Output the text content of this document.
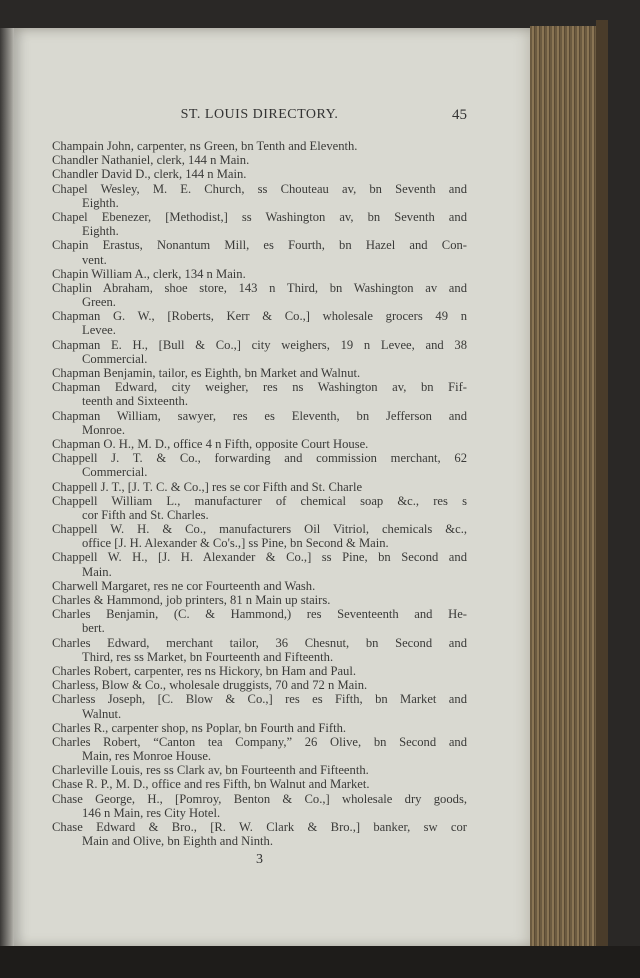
ST. LOUIS DIRECTORY.	45
Champain John, carpenter, ns Green, bn Tenth and Eleventh.
Chandler Nathaniel, clerk, 144 n Main.
Chandler David D., clerk, 144 n Main.
Chapel Wesley, M. E. Church, ss Chouteau av, bn Seventh and
Eighth.
Chapel Ebenezer, [Methodist,] ss Washington av, bn Seventh and
Eighth.
Chapin Erastus, Nonantum Mill, es Fourth, bn Hazel and Con-
vent.
Chapin William A., clerk, 134 n Main.
Chaplin Abraham, shoe store, 143 n Third, bn Washington av and
Green.
Chapman G. W., [Roberts, Kerr & Co.,] wholesale grocers 49 n
Levee.
Chapman E. H., [Bull & Co.,] city weighers, 19 n Levee, and 38
Commercial.
Chapman Benjamin, tailor, es Eighth, bn Market and Walnut.
Chapman Edward, city weigher, res ns Washington av, bn Fif-
teenth and Sixteenth.
Chapman William, sawyer, res es Eleventh, bn Jefferson and
Monroe.
Chapman O. H., M. D., office 4 n Fifth, opposite Court House.
Chappell J. T. & Co., forwarding and commission merchant, 62
Commercial.
Chappell J. T., [J. T. C. & Co.,] res se cor Fifth and St. Charle
Chappell William L., manufacturer of chemical soap &c., res s
cor Fifth and St. Charles.
Chappell W. H. & Co., manufacturers Oil Vitriol, chemicals &c.,
office [J. H. Alexander & Co's.,] ss Pine, bn Second & Main.
Chappell W. H., [J. H. Alexander & Co.,] ss Pine, bn Second and
Main.
Charwell Margaret, res ne cor Fourteenth and Wash.
Charles & Hammond, job printers, 81 n Main up stairs.
Charles Benjamin, (C. & Hammond,) res Seventeenth and He-
bert.
Charles Edward, merchant tailor, 36 Chesnut, bn Second and
Third, res ss Market, bn Fourteenth and Fifteenth.
Charles Robert, carpenter, res ns Hickory, bn Ham and Paul.
Charless, Blow & Co., wholesale druggists, 70 and 72 n Main.
Charless Joseph, [C. Blow & Co.,] res es Fifth, bn Market and
Walnut.
Charles R., carpenter shop, ns Poplar, bn Fourth and Fifth.
Charles Robert, “Canton tea Company,” 26 Olive, bn Second and
Main, res Monroe House.
Charleville Louis, res ss Clark av, bn Fourteenth and Fifteenth.
Chase R. P., M. D., office and res Fifth, bn Walnut and Market.
Chase George, H., [Pomroy, Benton & Co.,] wholesale dry goods,
146 n Main, res City Hotel.
Chase Edward & Bro., [R. W. Clark & Bro.,] banker, sw cor
Main and Olive, bn Eighth and Ninth.
3
